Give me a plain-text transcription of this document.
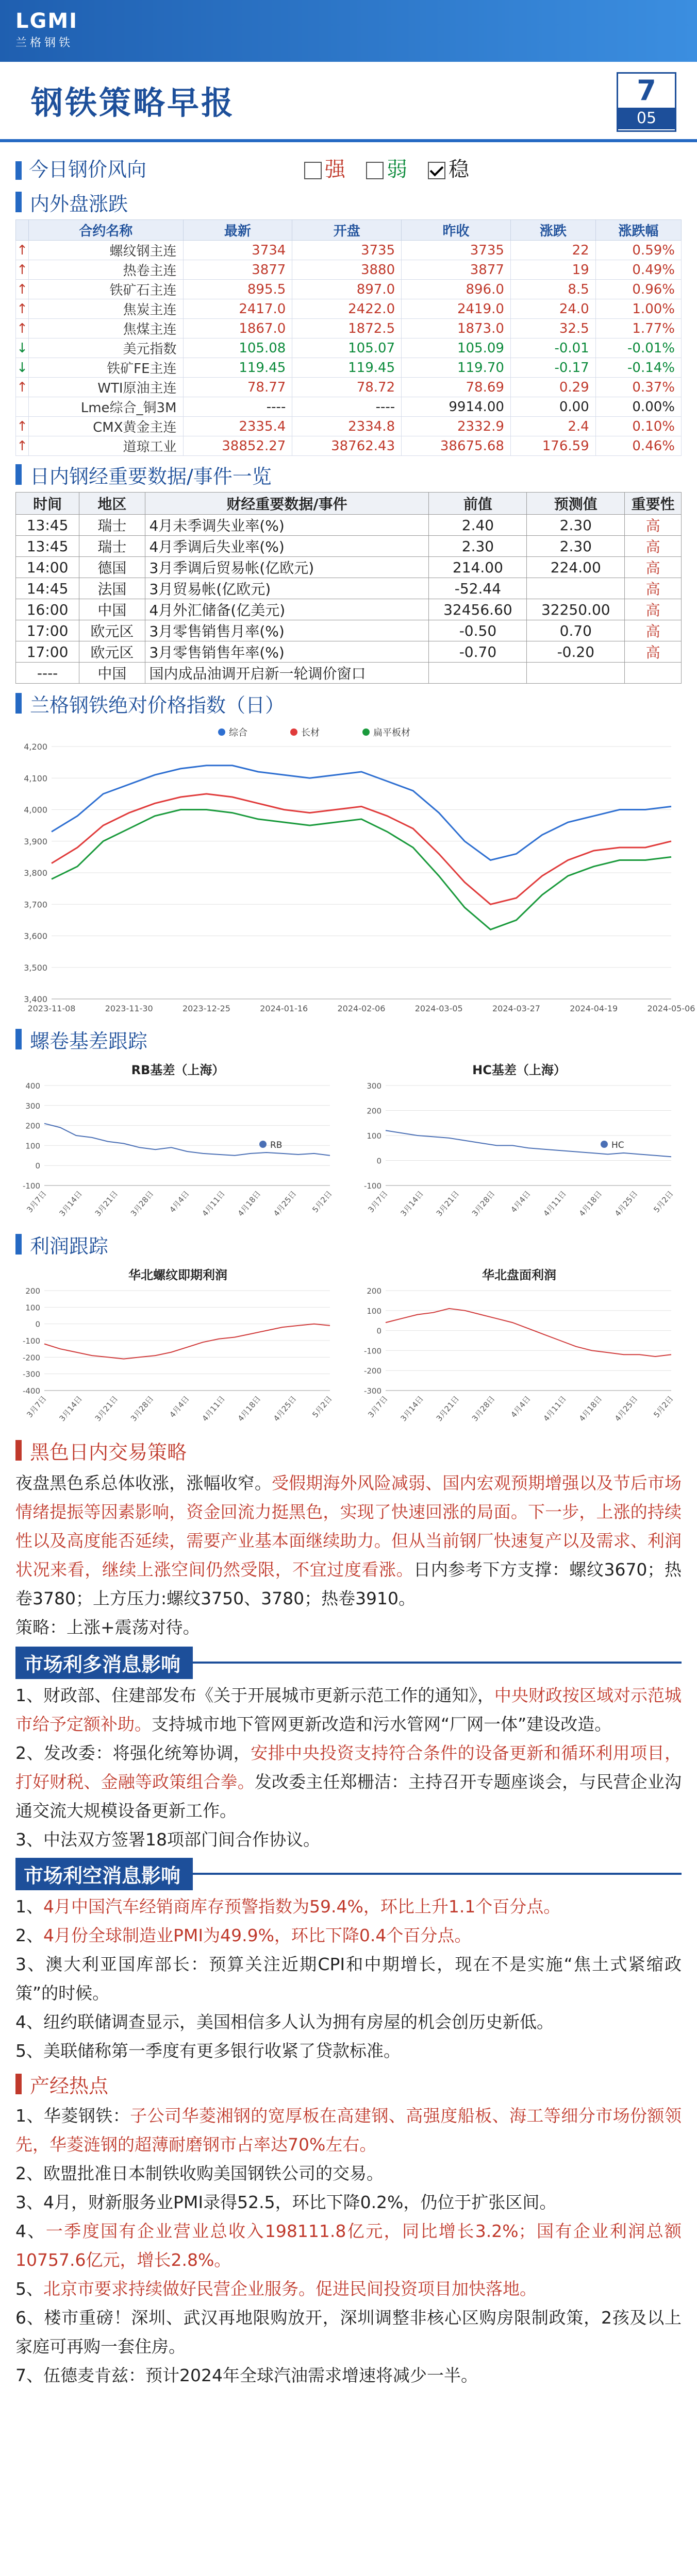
LGMI
兰格钢铁
钢铁策略早报	7
05
今日钢价风向	强 弱 稳
内外盘涨跌
	合约名称	最新	开盘	昨收	涨跌	涨跌幅
↑	螺纹钢主连	3734	3735	3735	22	0.59%
↑	热卷主连	3877	3880	3877	19	0.49%
↑	铁矿石主连	895.5	897.0	896.0	8.5	0.96%
↑	焦炭主连	2417.0	2422.0	2419.0	24.0	1.00%
↑	焦煤主连	1867.0	1872.5	1873.0	32.5	1.77%
↓	美元指数	105.08	105.07	105.09	-0.01	-0.01%
↓	铁矿FE主连	119.45	119.45	119.70	-0.17	-0.14%
↑	WTI原油主连	78.77	78.72	78.69	0.29	0.37%
	Lme综合_铜3M	----	----	9914.00	0.00	0.00%
↑	CMX黄金主连	2335.4	2334.8	2332.9	2.4	0.10%
↑	道琼工业	38852.27	38762.43	38675.68	176.59	0.46%
日内钢经重要数据/事件一览
时间	地区	财经重要数据/事件	前值	预测值	重要性
13:45	瑞士	4月未季调失业率(%)	2.40	2.30	高
13:45	瑞士	4月季调后失业率(%)	2.30	2.30	高
14:00	德国	3月季调后贸易帐(亿欧元)	214.00	224.00	高
14:45	法国	3月贸易帐(亿欧元)	-52.44		高
16:00	中国	4月外汇储备(亿美元)	32456.60	32250.00	高
17:00	欧元区	3月零售销售月率(%)	-0.50	0.70	高
17:00	欧元区	3月零售销售年率(%)	-0.70	-0.20	高
----	中国	国内成品油调开启新一轮调价窗口			
兰格钢铁绝对价格指数（日）
3,400
3,500
3,600
3,700
3,800
3,900
4,000
4,100
4,200
2023-11-08	2023-11-30	2023-12-25	2024-01-16	2024-02-06	2024-03-05	2024-03-27	2024-04-19	2024-05-06
综合	长材	扁平板材
螺卷基差跟踪
RB基差（上海）
-100
0
100
200
300
400
3月7日 3月14日 3月21日 3月28日 4月4日 4月11日 4月18日 4月25日 5月2日
RB
HC基差（上海）
-100
0
100
200
300
3月7日 3月14日 3月21日 3月28日 4月4日 4月11日 4月18日 4月25日 5月2日
HC
利润跟踪
华北螺纹即期利润
-400
-300
-200
-100
0
100
200
3月7日 3月14日 3月21日 3月28日 4月4日 4月11日 4月18日 4月25日 5月2日
华北盘面利润
-300
-200
-100
0
100
200
3月7日 3月14日 3月21日 3月28日 4月4日 4月11日 4月18日 4月25日 5月2日
黑色日内交易策略
夜盘黑色系总体收涨，涨幅收窄。受假期海外风险减弱、国内宏观预期增强以及节后市场情绪提振等因素影响，资金回流力挺黑色，实现了快速回涨的局面。下一步，上涨的持续性以及高度能否延续，需要产业基本面继续助力。但从当前钢厂快速复产以及需求、利润状况来看，继续上涨空间仍然受限，不宜过度看涨。日内参考下方支撑：螺纹3670；热卷3780；上方压力:螺纹3750、3780；热卷3910。
策略：上涨+震荡对待。
市场利多消息影响

1、财政部、住建部发布《关于开展城市更新示范工作的通知》，中央财政按区域对示范城市给予定额补助。支持城市地下管网更新改造和污水管网“厂网一体”建设改造。

2、发改委：将强化统筹协调，安排中央投资支持符合条件的设备更新和循环利用项目，打好财税、金融等政策组合拳。发改委主任郑栅洁：主持召开专题座谈会，与民营企业沟通交流大规模设备更新工作。

3、中法双方签署18项部门间合作协议。

市场利空消息影响

1、4月中国汽车经销商库存预警指数为59.4%，环比上升1.1个百分点。

2、4月份全球制造业PMI为49.9%，环比下降0.4个百分点。

3、澳大利亚国库部长：预算关注近期CPI和中期增长，现在不是实施“焦土式紧缩政策”的时候。

4、纽约联储调查显示，美国相信多人认为拥有房屋的机会创历史新低。

5、美联储称第一季度有更多银行收紧了贷款标准。

产经热点

1、华菱钢铁：子公司华菱湘钢的宽厚板在高建钢、高强度船板、海工等细分市场份额领先，华菱涟钢的超薄耐磨钢市占率达70%左右。

2、欧盟批准日本制铁收购美国钢铁公司的交易。

3、4月，财新服务业PMI录得52.5，环比下降0.2%，仍位于扩张区间。

4、一季度国有企业营业总收入198111.8亿元，同比增长3.2%；国有企业利润总额10757.6亿元，增长2.8%。

5、北京市要求持续做好民营企业服务。促进民间投资项目加快落地。

6、楼市重磅！深圳、武汉再地限购放开，深圳调整非核心区购房限制政策，2孩及以上家庭可再购一套住房。

7、伍德麦肯兹：预计2024年全球汽油需求增速将减少一半。
